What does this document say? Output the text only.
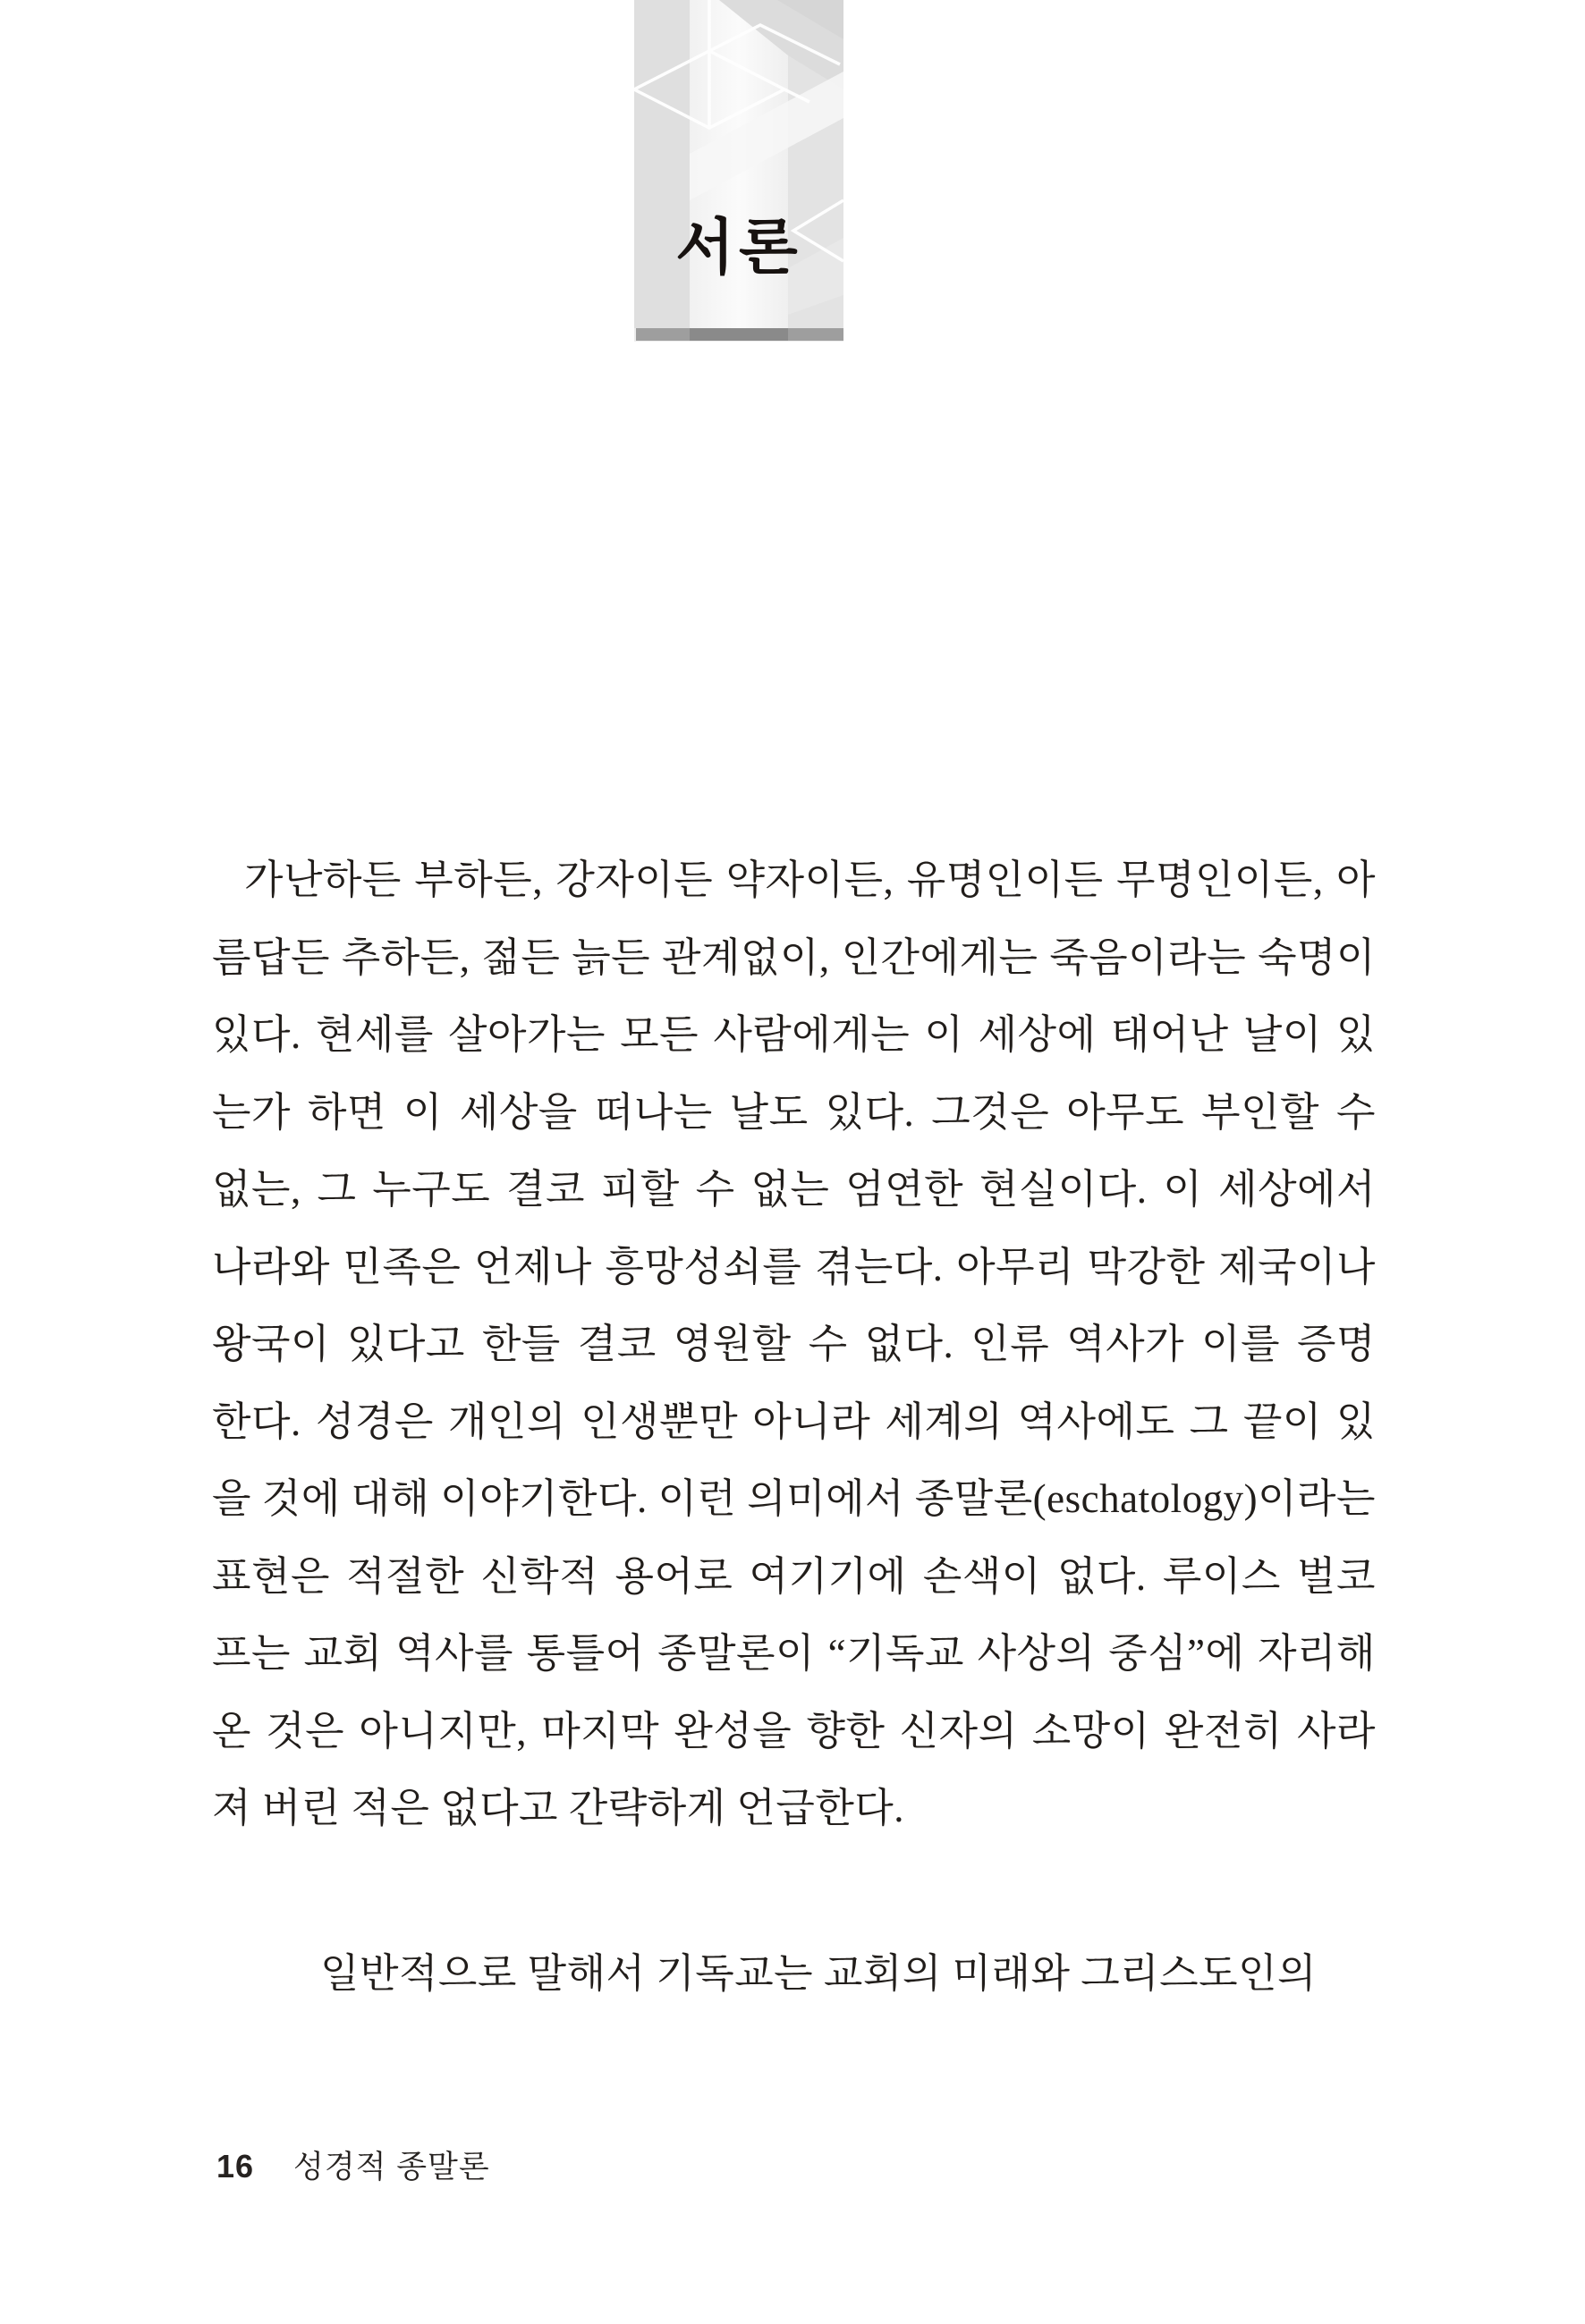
서론

가난하든 부하든, 강자이든 약자이든, 유명인이든 무명인이든, 아

름답든 추하든, 젊든 늙든 관계없이, 인간에게는 죽음이라는 숙명이

있다. 현세를 살아가는 모든 사람에게는 이 세상에 태어난 날이 있

는가 하면 이 세상을 떠나는 날도 있다. 그것은 아무도 부인할 수

없는, 그 누구도 결코 피할 수 없는 엄연한 현실이다. 이 세상에서

나라와 민족은 언제나 흥망성쇠를 겪는다. 아무리 막강한 제국이나

왕국이 있다고 한들 결코 영원할 수 없다. 인류 역사가 이를 증명

한다. 성경은 개인의 인생뿐만 아니라 세계의 역사에도 그 끝이 있

을 것에 대해 이야기한다. 이런 의미에서 종말론(eschatology)이라는

표현은 적절한 신학적 용어로 여기기에 손색이 없다. 루이스 벌코

프는 교회 역사를 통틀어 종말론이 “기독교 사상의 중심”에 자리해

온 것은 아니지만, 마지막 완성을 향한 신자의 소망이 완전히 사라

져 버린 적은 없다고 간략하게 언급한다.

일반적으로 말해서 기독교는 교회의 미래와 그리스도인의

16 성경적 종말론
